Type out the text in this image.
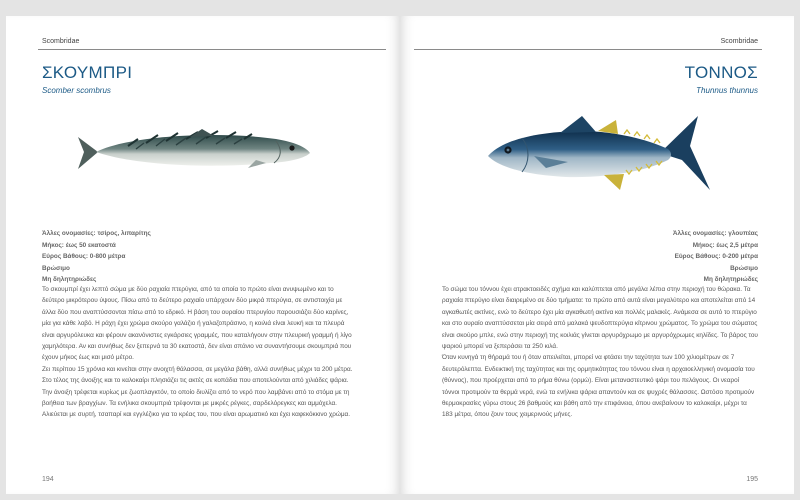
Scombridae
ΣΚΟΥΜΠΡΙ
Scomber scombrus
Άλλες ονομασίες: τσίρος, λιπαρίτης
Μήκος: έως 50 εκατοστά
Εύρος Βάθους: 0-800 μέτρα
Βρώσιμο
Μη δηλητηριώδες

Το σκουμπρί έχει λεπτό σώμα με δύο ραχιαία πτερύγια, από τα οποία το πρώτο είναι ανυψωμένο και το δεύτερο μικρότερου ύψους. Πίσω από το δεύτερο ραχιαίο υπάρχουν δύο μικρά πτερύγια, σε αντιστοιχία με άλλα δύο που αναπτύσσονται πίσω από το εδρικό. Η βάση του ουραίου πτερυγίου παρουσιάζει δύο καρίνες, μία για κάθε λοβό. Η ράχη έχει χρώμα σκούρο γαλάζιο ή γαλαζοπράσινο, η κοιλιά είναι λευκή και τα πλευρά είναι αργυρόλευκα και φέρουν ακανόνιστες εγκάρσιες γραμμές, που καταλήγουν στην πλευρική γραμμή ή λίγο χαμηλότερα. Αν και συνήθως δεν ξεπερνά τα 30 εκατοστά, δεν είναι σπάνιο να συναντήσουμε σκουμπριά που έχουν μήκος έως και μισό μέτρο.

Ζει περίπου 15 χρόνια και κινείται στην ανοιχτή θάλασσα, σε μεγάλα βάθη, αλλά συνήθως μέχρι τα 200 μέτρα. Στο τέλος της άνοιξης και το καλοκαίρι πλησιάζει τις ακτές σε κοπάδια που αποτελούνται από χιλιάδες ψάρια. Την άνοιξη τρέφεται κυρίως με ζωοπλαγκτόν, το οποίο διυλίζει από το νερό που λαμβάνει από το στόμα με τη βοήθεια των βραγχίων. Τα ενήλικα σκουμπριά τρέφονται με μικρές ρέγκες, σαρδελόρεγκες και αμμόχελα.

Αλιεύεται με συρτή, τσαπαρί και εγγλέζικο για το κρέας του, που είναι αρωματικό και έχει καφεκόκκινο χρώμα.

194
Scombridae
ΤΟΝΝΟΣ
Thunnus thunnus
Άλλες ονομασίες: γλουπέας
Μήκος: έως 2,5 μέτρα
Εύρος Βάθους: 0-200 μέτρα
Βρώσιμο
Μη δηλητηριώδες

Το σώμα του τόννου έχει ατρακτοειδές σχήμα και καλύπτεται από μεγάλα λέπια στην περιοχή του θώρακα. Τα ραχιαία πτερύγιο είναι διαιρεμένο σε δύο τμήματα: το πρώτο από αυτά είναι μεγαλύτερο και αποτελείται από 14 αγκαθωτές ακτίνες, ενώ το δεύτερο έχει μία αγκαθωτή ακτίνα και πολλές μαλακές. Ανάμεσα σε αυτό το πτερύγιο και στο ουραίο αναπτύσσεται μία σειρά από μαλακά ψευδοπτερύγια κίτρινου χρώματος. Το χρώμα του σώματος είναι σκούρο μπλε, ενώ στην περιοχή της κοιλιάς γίνεται αργυρόχρωμο με αργυρόχρωμες κηλίδες. Το βάρος του ψαριού μπορεί να ξεπεράσει τα 250 κιλά.

Όταν κυνηγά τη θήραμά του ή όταν απειλείται, μπορεί να φτάσει την ταχύτητα των 100 χιλιομέτρων σε 7 δευτερόλεπτα. Ενδεικτική της ταχύτητας και της ορμητικότητας του τόννου είναι η αρχαιοελληνική ονομασία του (θύννος), που προέρχεται από το ρήμα θύνω (ορμώ). Είναι μεταναστευτικό ψάρι του πελάγους. Οι νεαροί τόννοι προτιμούν τα θερμά νερά, ενώ τα ενήλικα ψάρια απαντούν και σε ψυχρές θάλασσες. Ωστόσο προτιμούν θερμοκρασίες γύρω στους 26 βαθμούς και βάθη από την επιφάνεια, όπου ανεβαίνουν το καλοκαίρι, μέχρι τα 183 μέτρα, όπου ζουν τους χειμερινούς μήνες.

195
